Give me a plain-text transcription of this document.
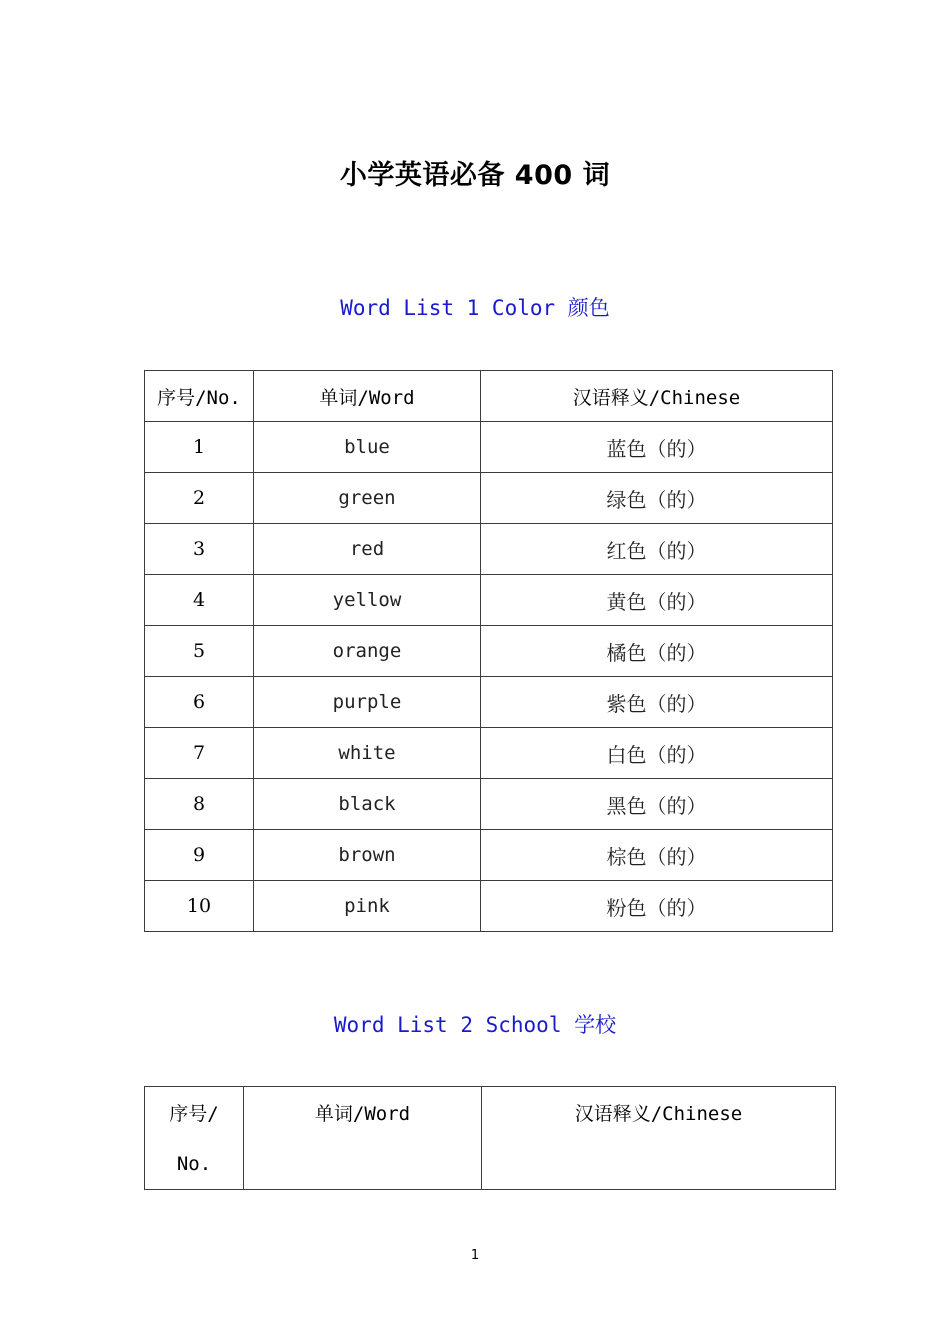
小学英语必备 400 词
Word List 1 Color 颜色
序号/No.	单词/Word	汉语释义/Chinese
1	blue	蓝色（的）
2	green	绿色（的）
3	red	红色（的）
4	yellow	黄色（的）
5	orange	橘色（的）
6	purple	紫色（的）
7	white	白色（的）
8	black	黑色（的）
9	brown	棕色（的）
10	pink	粉色（的）
Word List 2 School 学校
序号/
No.	单词/Word	汉语释义/Chinese
1
